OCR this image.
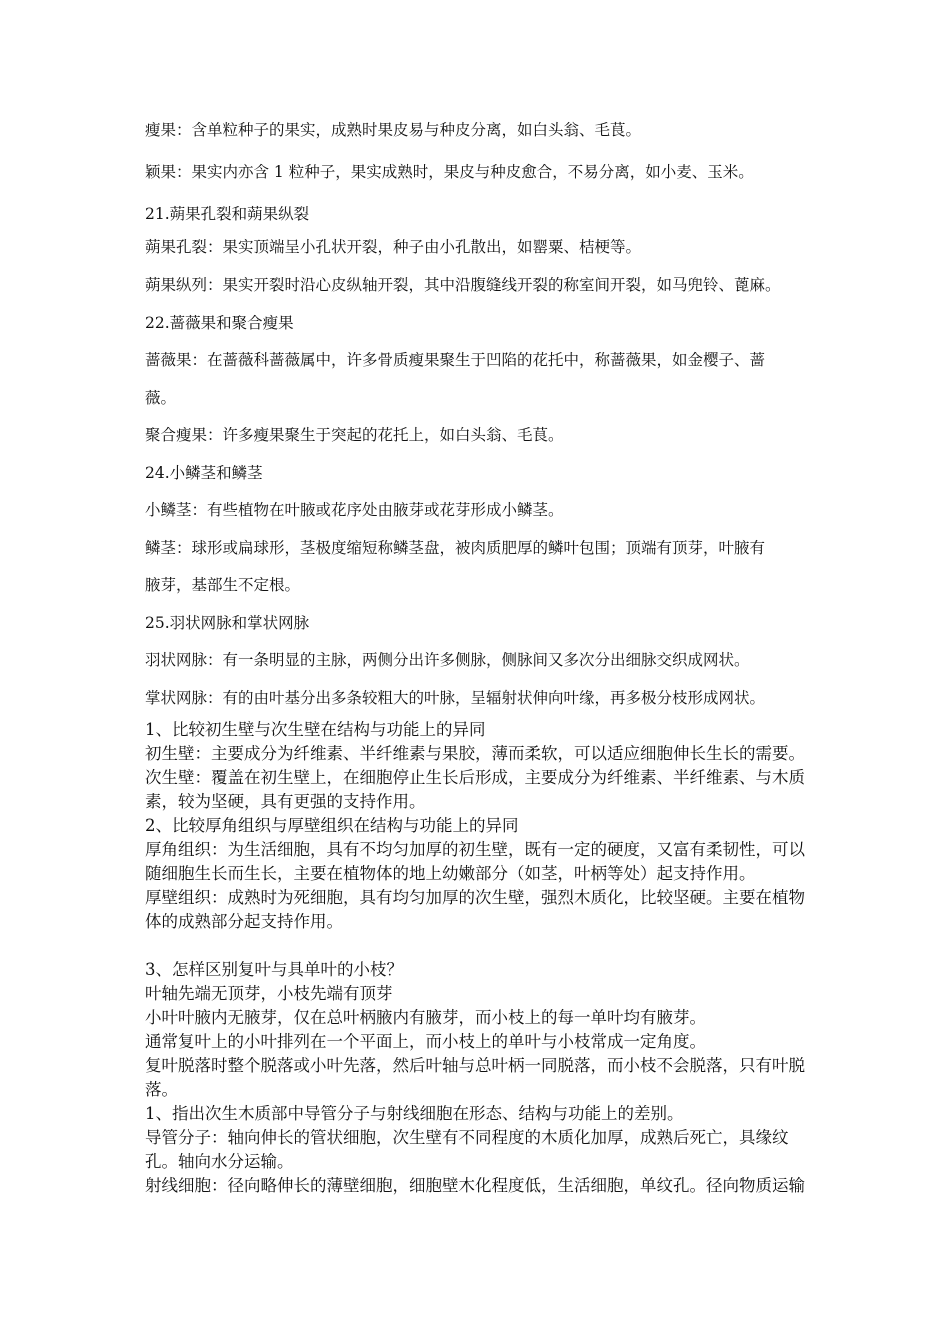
瘦果：含单粒种子的果实，成熟时果皮易与种皮分离，如白头翁、毛茛。

颖果：果实内亦含 1 粒种子，果实成熟时，果皮与种皮愈合，不易分离，如小麦、玉米。

21.蒴果孔裂和蒴果纵裂

蒴果孔裂：果实顶端呈小孔状开裂，种子由小孔散出，如罂粟、桔梗等。

蒴果纵列：果实开裂时沿心皮纵轴开裂，其中沿腹缝线开裂的称室间开裂，如马兜铃、蓖麻。

22.蔷薇果和聚合瘦果

蔷薇果：在蔷薇科蔷薇属中，许多骨质瘦果聚生于凹陷的花托中，称蔷薇果，如金樱子、蔷

薇。

聚合瘦果：许多瘦果聚生于突起的花托上，如白头翁、毛茛。

24.小鳞茎和鳞茎

小鳞茎：有些植物在叶腋或花序处由腋芽或花芽形成小鳞茎。

鳞茎：球形或扁球形，茎极度缩短称鳞茎盘，被肉质肥厚的鳞叶包围；顶端有顶芽，叶腋有

腋芽，基部生不定根。

25.羽状网脉和掌状网脉

羽状网脉：有一条明显的主脉，两侧分出许多侧脉，侧脉间又多次分出细脉交织成网状。

掌状网脉：有的由叶基分出多条较粗大的叶脉，呈辐射状伸向叶缘，再多极分枝形成网状。

1、比较初生壁与次生壁在结构与功能上的异同

初生壁：主要成分为纤维素、半纤维素与果胶，薄而柔软，可以适应细胞伸长生长的需要。

次生壁：覆盖在初生壁上，在细胞停止生长后形成，主要成分为纤维素、半纤维素、与木质素，较为坚硬，具有更强的支持作用。

2、比较厚角组织与厚壁组织在结构与功能上的异同

厚角组织：为生活细胞，具有不均匀加厚的初生壁，既有一定的硬度，又富有柔韧性，可以随细胞生长而生长，主要在植物体的地上幼嫩部分（如茎，叶柄等处）起支持作用。

厚壁组织：成熟时为死细胞，具有均匀加厚的次生壁，强烈木质化，比较坚硬。主要在植物体的成熟部分起支持作用。

3、怎样区别复叶与具单叶的小枝？

叶轴先端无顶芽，小枝先端有顶芽

小叶叶腋内无腋芽，仅在总叶柄腋内有腋芽，而小枝上的每一单叶均有腋芽。

通常复叶上的小叶排列在一个平面上，而小枝上的单叶与小枝常成一定角度。

复叶脱落时整个脱落或小叶先落，然后叶轴与总叶柄一同脱落，而小枝不会脱落，只有叶脱落。

1、指出次生木质部中导管分子与射线细胞在形态、结构与功能上的差别。

导管分子：轴向伸长的管状细胞，次生壁有不同程度的木质化加厚，成熟后死亡，具缘纹孔。轴向水分运输。

射线细胞：径向略伸长的薄壁细胞，细胞壁木化程度低，生活细胞，单纹孔。径向物质运输
